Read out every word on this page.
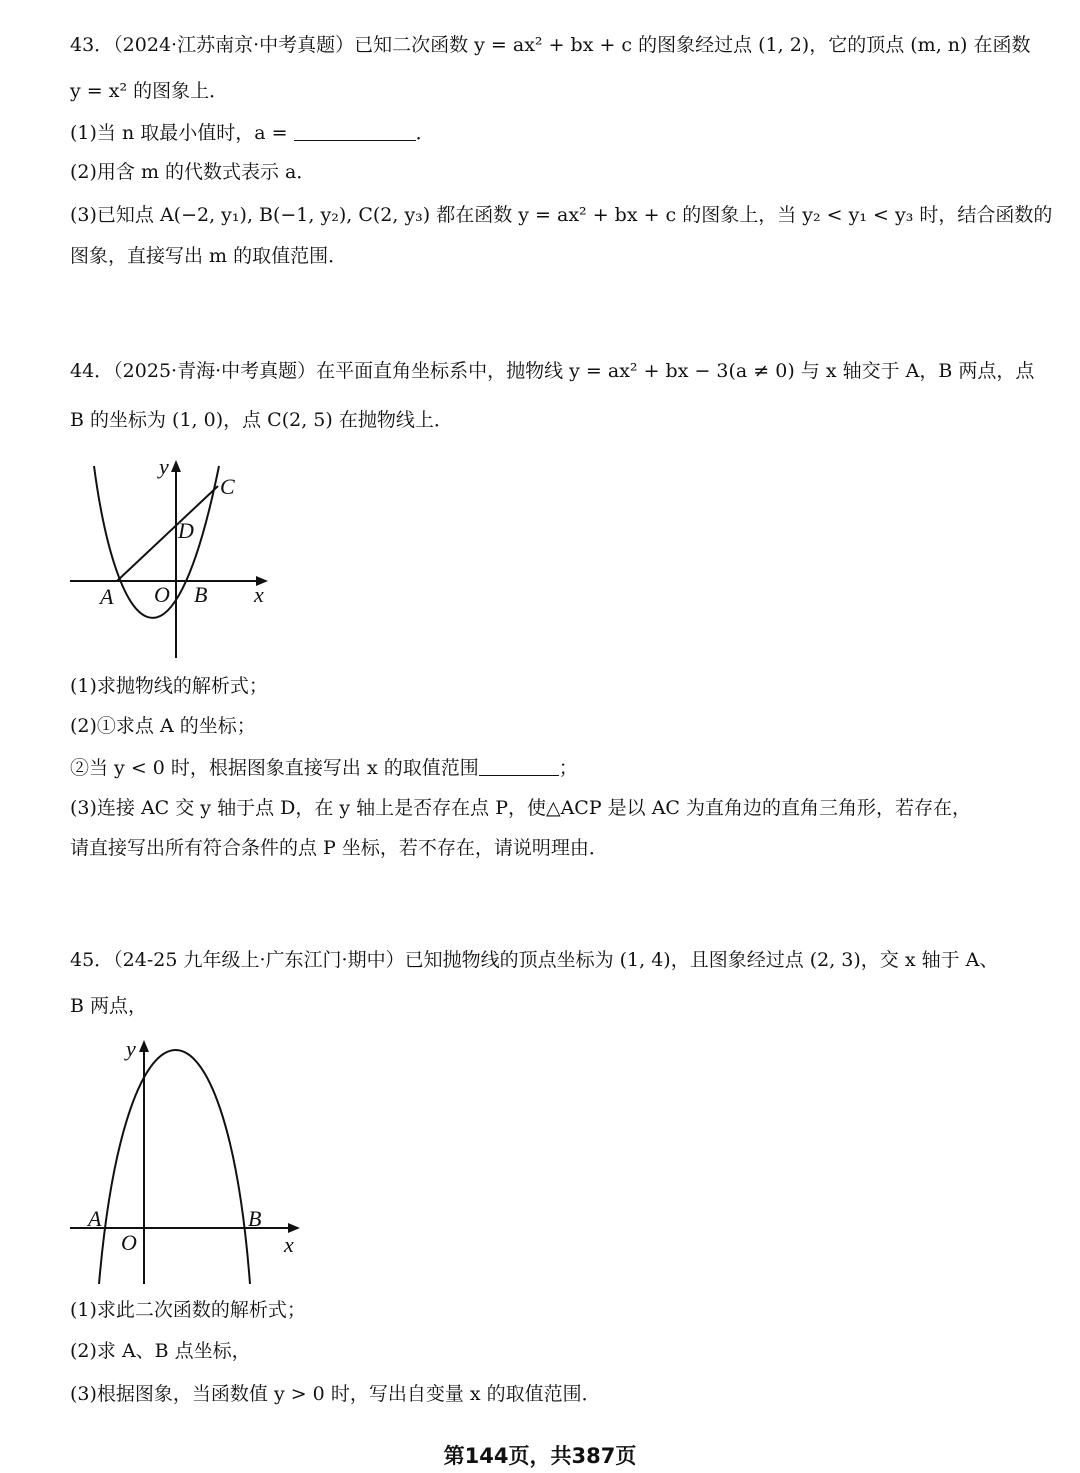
43．（2024·江苏南京·中考真题）已知二次函数 y = ax² + bx + c 的图象经过点 (1, 2)，它的顶点 (m, n) 在函数
y = x² 的图象上．
(1)当 n 取最小值时，a =	．
(2)用含 m 的代数式表示 a．
(3)已知点 A(−2, y₁), B(−1, y₂), C(2, y₃) 都在函数 y = ax² + bx + c 的图象上，当 y₂ < y₁ < y₃ 时，结合函数的
图象，直接写出 m 的取值范围．
44．（2025·青海·中考真题）在平面直角坐标系中，抛物线 y = ax² + bx − 3(a ≠ 0) 与 x 轴交于 A，B 两点，点
B 的坐标为 (1, 0)，点 C(2, 5) 在抛物线上．
y
x
A O B
C
D
(1)求抛物线的解析式；
(2)①求点 A 的坐标；
②当 y < 0 时，根据图象直接写出 x 的取值范围	；
(3)连接 AC 交 y 轴于点 D，在 y 轴上是否存在点 P，使△ACP 是以 AC 为直角边的直角三角形，若存在，
请直接写出所有符合条件的点 P 坐标，若不存在，请说明理由．
45．（24-25 九年级上·广东江门·期中）已知抛物线的顶点坐标为 (1, 4)，且图象经过点 (2, 3)，交 x 轴于 A、
B 两点，
y
x
A
O
B
(1)求此二次函数的解析式；
(2)求 A、B 点坐标，
(3)根据图象，当函数值 y > 0 时，写出自变量 x 的取值范围．
第144页，共387页
